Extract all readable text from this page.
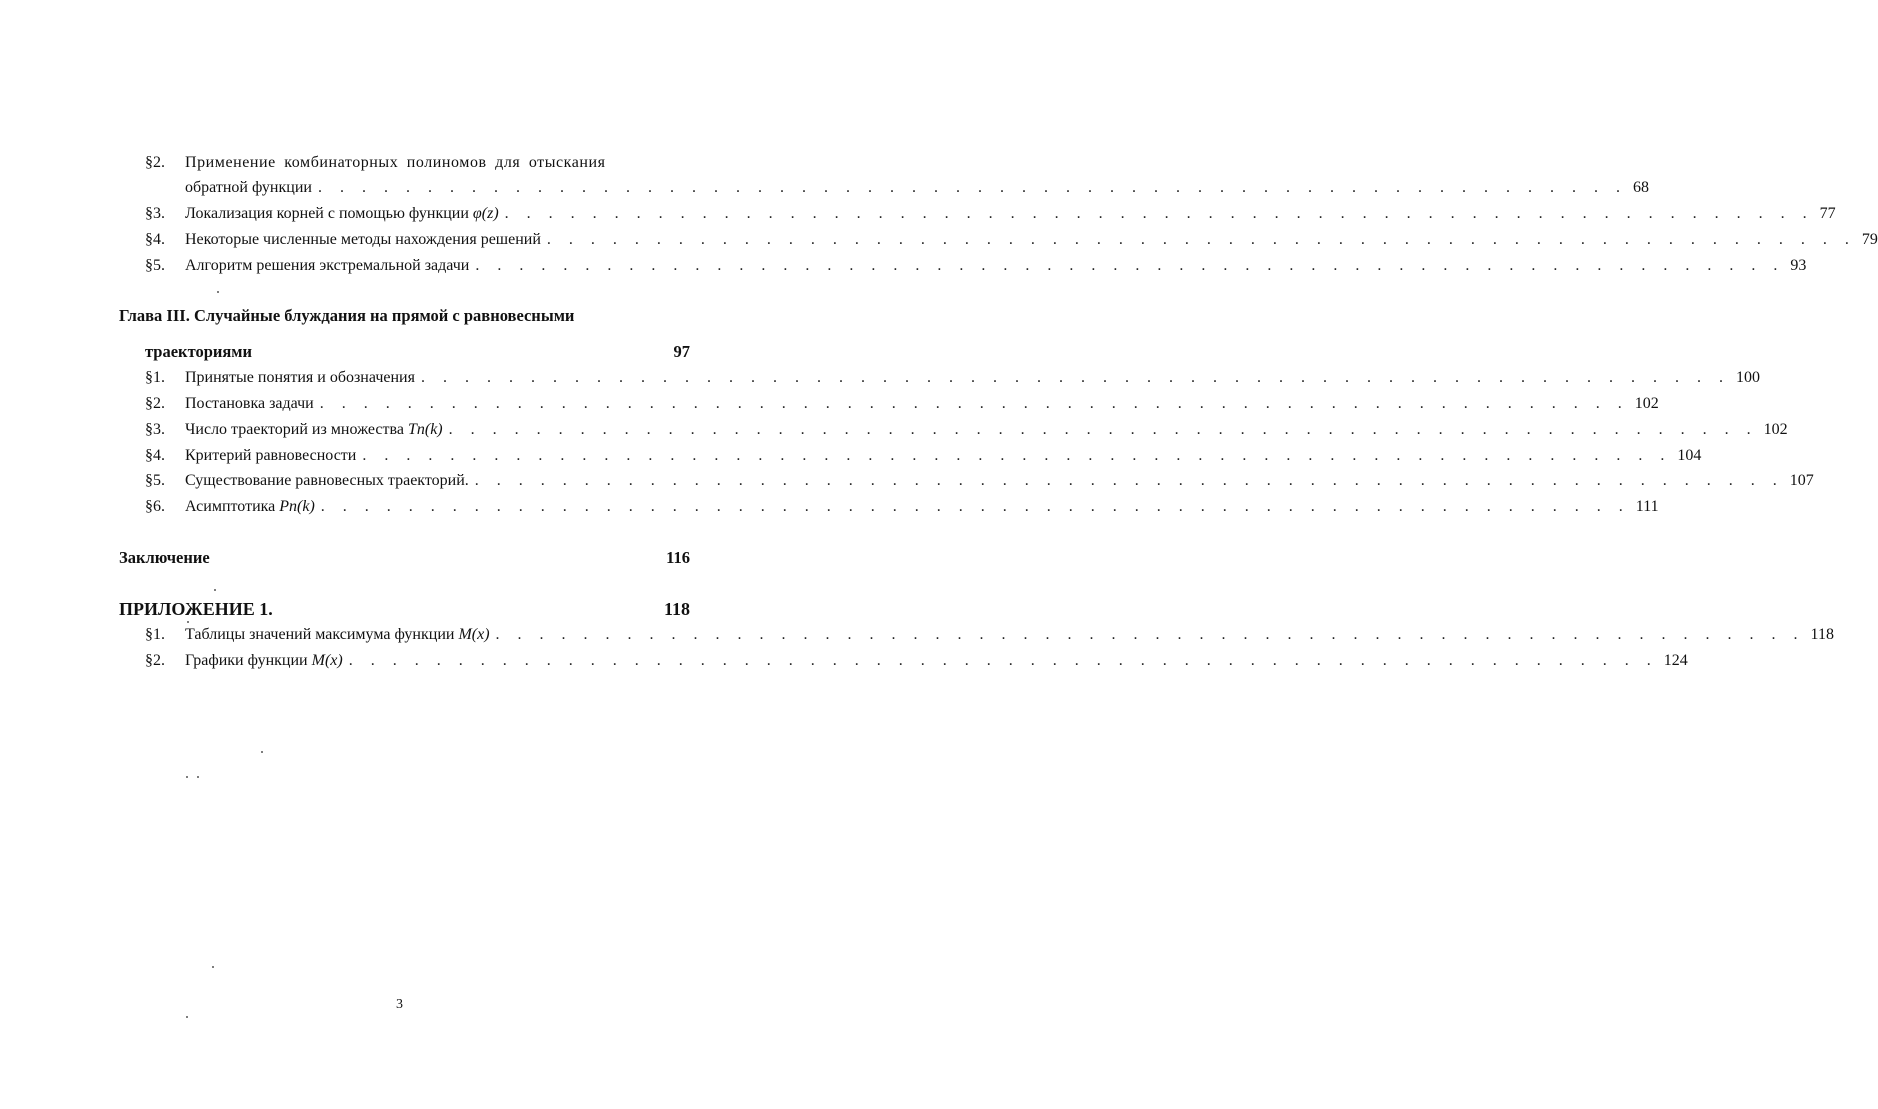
§2. Применение комбинаторных полиномов для отыскания
обратной функции . . . . . . . . . . . . . . . . . . . . . . . . . . . . . . . . . . . . . . . . . . . . . . . . . . . . . . . . . . . . 68
§3. Локализация корней с помощью функции φ(z) . . . . . . . . . . . . . . . . . . . . . . . . . . . . . . . . . . . . . . . . . . . . . . . . . . . . . . . . . . . . 77
§4. Некоторые численные методы нахождения решений . . . . . . . . . . . . . . . . . . . . . . . . . . . . . . . . . . . . . . . . . . . . . . . . . . . . . . . . . . . . 79
§5. Алгоритм решения экстремальной задачи . . . . . . . . . . . . . . . . . . . . . . . . . . . . . . . . . . . . . . . . . . . . . . . . . . . . . . . . . . . . 93
Глава III. Случайные блуждания на прямой с равновесными
траекториями	97
§1. Принятые понятия и обозначения . . . . . . . . . . . . . . . . . . . . . . . . . . . . . . . . . . . . . . . . . . . . . . . . . . . . . . . . . . . . 100
§2. Постановка задачи . . . . . . . . . . . . . . . . . . . . . . . . . . . . . . . . . . . . . . . . . . . . . . . . . . . . . . . . . . . . 102
§3. Число траекторий из множества Tn(k) . . . . . . . . . . . . . . . . . . . . . . . . . . . . . . . . . . . . . . . . . . . . . . . . . . . . . . . . . . . . 102
§4. Критерий равновесности . . . . . . . . . . . . . . . . . . . . . . . . . . . . . . . . . . . . . . . . . . . . . . . . . . . . . . . . . . . . 104
§5. Существование равновесных траекторий. . . . . . . . . . . . . . . . . . . . . . . . . . . . . . . . . . . . . . . . . . . . . . . . . . . . . . . . . . . . . 107
§6. Асимптотика Pn(k) . . . . . . . . . . . . . . . . . . . . . . . . . . . . . . . . . . . . . . . . . . . . . . . . . . . . . . . . . . . . 111
Заключение	116
ПРИЛОЖЕНИЕ 1.	118
§1. Таблицы значений максимума функции M(x) . . . . . . . . . . . . . . . . . . . . . . . . . . . . . . . . . . . . . . . . . . . . . . . . . . . . . . . . . . . . 118
§2. Графики функции M(x) . . . . . . . . . . . . . . . . . . . . . . . . . . . . . . . . . . . . . . . . . . . . . . . . . . . . . . . . . . . . 124
3
